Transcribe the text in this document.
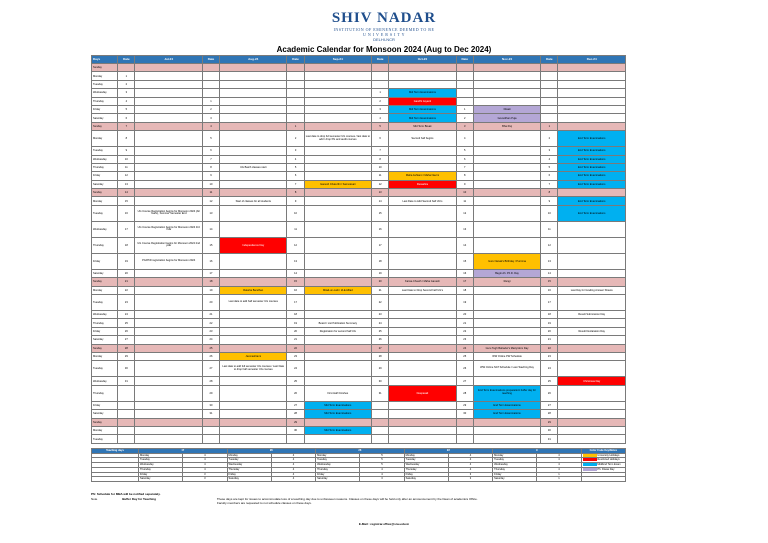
SHIV NADAR
INSTITUTION OF EMINENCE DEEMED TO BE
U N I V E R S I T Y
DELHI-NCR
Academic Calendar for Monsoon 2024 (Aug to Dec 2024)
Days	Date	Jul-24	Date	Aug-24	Date	Sep-24	Date	Oct-24	Date	Nov-24	Date	Dec-24
Sunday												
Monday	1											
Tuesday	2											
Wednesday	3						1	Mid Term Examinations				
Thursday	4		1				2	Gandhi Jayanti				
Friday	5		2				3	Mid Term Examinations	1	Diwali		
Saturday	6		3				4	Mid Term Examinations	2	Govardhan Puja		
Sunday	7		4		1		5	Mid Term Break	3	Bhai Duj	1	
Monday	8		5		2	Last date to drop full semester UG courses / last date to add / drop PG and audit courses	6	Second half begins	4		2	End Term Examinations
Tuesday	9		6		3		7		5		3	End Term Examinations
Wednesday	10		7		4		8		6		4	End Term Examinations
Thursday	11		8	UG Batch classes start	5		10		7		5	End Term Examinations
Friday	12		9		6		11	Maha Ashtami / Maha Navmi	8		6	End Term Examinations
Saturday	13		10		7	Ganesh Chaturthi / Samvatsari	12	Dussehra	9		7	End Term Examinations
Sunday	14		11		8		13		10		8	
Monday	15		12	Start of classes for all students	9		14	Last Date to Add Second half UG's	11		9	End Term Examinations
Tuesday	16	UG Course Registration begins for Monsoon 2024 (All Years), Summer Semester End	13		10		15		12		10	End Term Examinations
Wednesday	17	UG Course Registration begins for Monsoon 2024 3rd Year	14		11		16		13		11	
Thursday	18	UG Course Registration begins for Monsoon 2024 2nd year	15	Independence Day	12		17		14		12	
Friday	19	PG/PhD registration begins for Monsoon 2024	16		13		18		15	Guru Nanak's Birthday / Purnima	13	
Saturday	20		17		14		19		16	Begin Ah. Ph.D. Day	14	
Sunday	21		18		15		20	Karwa Chauth / Maha Ganesh	17	Rangi	15	
Monday	22		19	Raksha Bandhan	16	Milad-un-nabi / Id-E-Milad	21	Last Date to Drop Second half UG's	18		16	Last Day for Grading Answer Sheets
Tuesday	23		20	Last date to add half semester UG courses	17		22		19		17	
Wednesday	24		21		18		23		20		18	Result Submission Day
Thursday	25		22		19	Board / List Publication Summary	24		21		19	
Friday	26		23		20	Registration for second half UG	25		22		20	Result Declaration Day
Saturday	27		24		21		26		23		21	
Sunday	28		25		22		27		24	Guru Tegh Bahadur's Martyrdom Day	22	
Monday	29		26	Janmashtami	23		28		25	WW Online PW Schedule	23	
Tuesday	30		27	Last date to add full semester UG courses / Last Date to drop half semester UG courses	24		29		26	WW Online NAT Schedule / Last Teaching Day	24	
Wednesday	31		28		25		30		27		25	Christmas Day
Thursday			29		26	First Half Finishes	31	Deepavali	28	End Term Examinations preparation/ buffer day for teaching	26	
Friday			30		27	Mid Term Examinations			29	End Term Examinations	27	
Saturday			31		28	Mid Term Examinations			30	End Term Examinations	28	
Sunday					29						29	
Monday					30	Mid Term Examinations					30	
Tuesday											31	
Teaching days	17		26		26		22		9		Color Code Key/Notes
	Monday	4	Monday	4	Monday	5	Monday	4	Monday	4	University Holidays
	Tuesday	4	Tuesday	4	Tuesday	5	Tuesday	4	Tuesday	4	Restricted Holidays
	Wednesday	4	Wednesday	4	Wednesday	5	Wednesday	4	Wednesday	4	Mid/End Term Exam
	Thursday	4	Thursday	4	Thursday	4	Thursday	4	Thursday	4	Ph. Diwas Day
	Friday	3	Friday	4	Friday	4	Friday	3	Friday	1	
	Saturday	3	Saturday	4	Saturday	3	Saturday	3	Saturday	1	
PS: Schedule for MBA will be notified separately.
Note	Buffer Day for Teaching	These days are kept for issues to accommodate loss of a teaching day due to unforeseen reasons. Classes on these days will be held only after an announcement by the Dean of academics Office.
Faculty members are requested to not schedule classes on these days.
E-Mail : registrar.office@snu.edu.in
